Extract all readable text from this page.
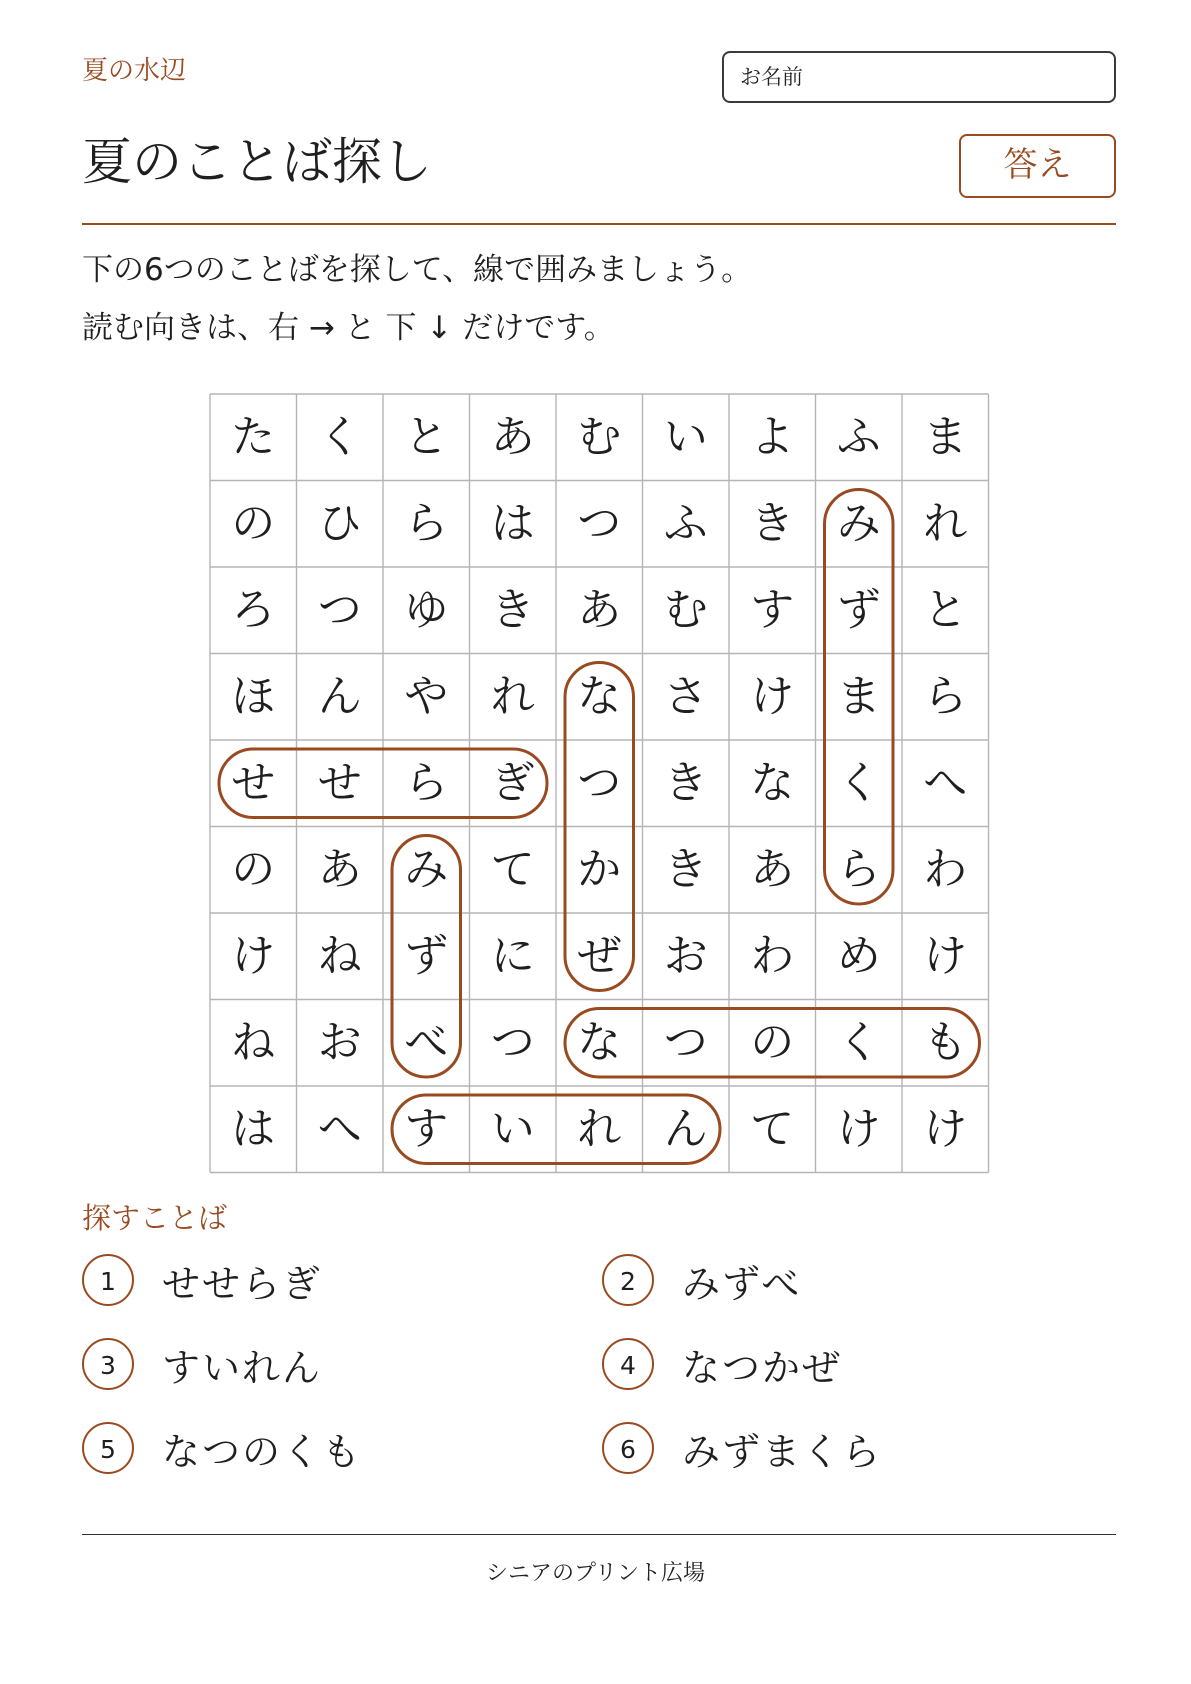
夏の水辺	お名前
夏のことば探し	答え
下の6つのことばを探して、線で囲みましょう。
読む向きは、右 → と 下 ↓ だけです。
た く と あ む い よ ふ ま
の ひ ら は つ ふ き み れ
ろ つ ゆ き あ む す ず と
ほ ん や れ な さ け ま ら
せ せ ら ぎ つ き な く へ
の あ み て か き あ ら わ
け ね ず に ぜ お わ め け
ね お べ つ な つ の く も
は へ す い れ ん て け け
探すことば
1	せせらぎ	2	みずべ
3	すいれん	4	なつかぜ
5	なつのくも	6	みずまくら
シニアのプリント広場
